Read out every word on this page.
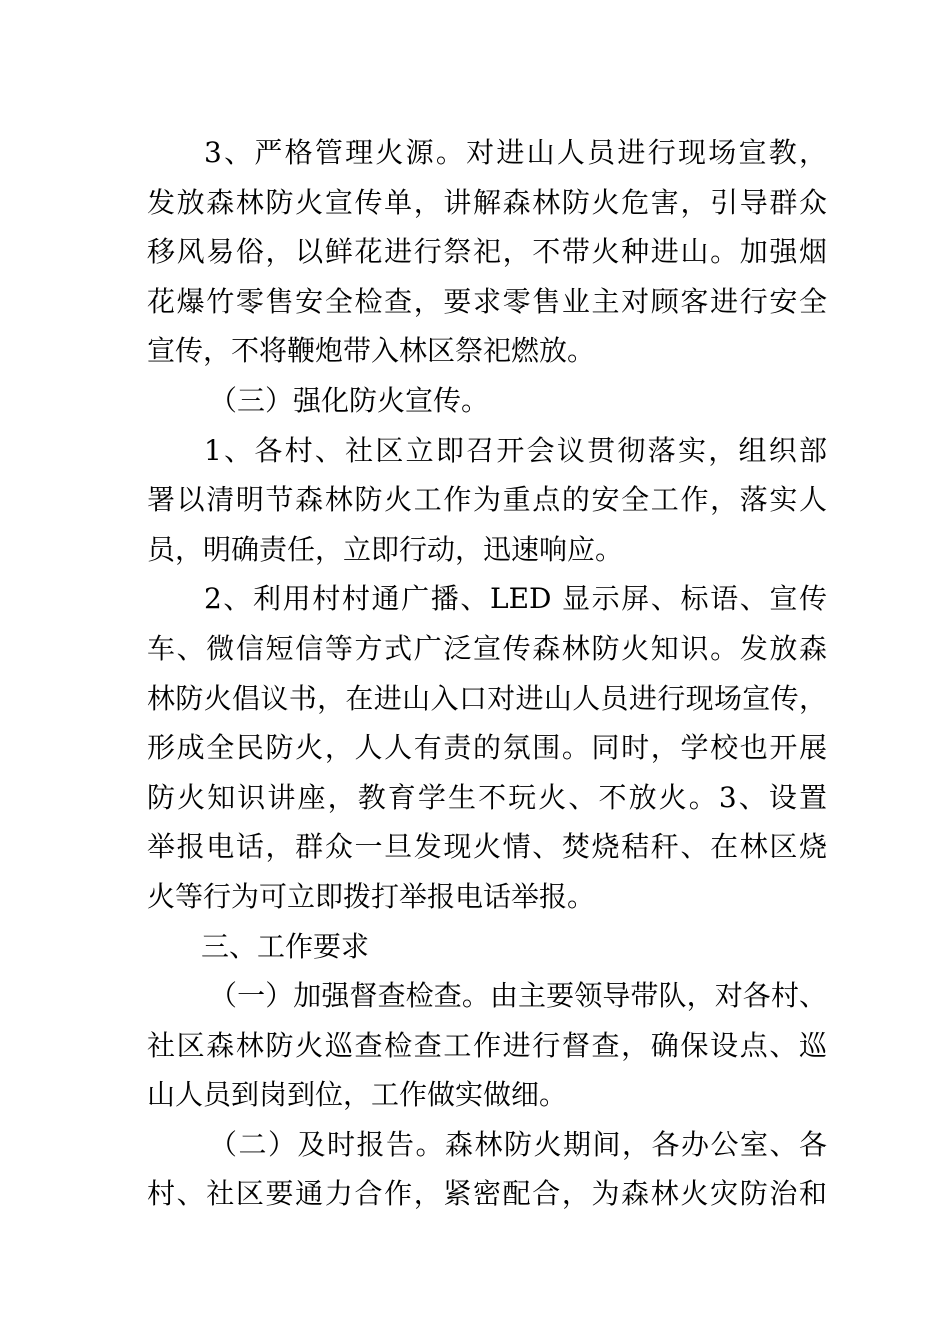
3、严格管理火源。对进山人员进行现场宣教，
发放森林防火宣传单，讲解森林防火危害，引导群众
移风易俗，以鲜花进行祭祀，不带火种进山。加强烟
花爆竹零售安全检查，要求零售业主对顾客进行安全
宣传，不将鞭炮带入林区祭祀燃放。
（三）强化防火宣传。
1、各村、社区立即召开会议贯彻落实，组织部
署以清明节森林防火工作为重点的安全工作，落实人
员，明确责任，立即行动，迅速响应。
2、利用村村通广播、LED 显示屏、标语、宣传
车、微信短信等方式广泛宣传森林防火知识。发放森
林防火倡议书，在进山入口对进山人员进行现场宣传，
形成全民防火，人人有责的氛围。同时，学校也开展
防火知识讲座，教育学生不玩火、不放火。3、设置
举报电话，群众一旦发现火情、焚烧秸秆、在林区烧
火等行为可立即拨打举报电话举报。
三、工作要求
（一）加强督查检查。由主要领导带队，对各村、
社区森林防火巡查检查工作进行督查，确保设点、巡
山人员到岗到位，工作做实做细。
（二）及时报告。森林防火期间，各办公室、各
村、社区要通力合作，紧密配合，为森林火灾防治和
